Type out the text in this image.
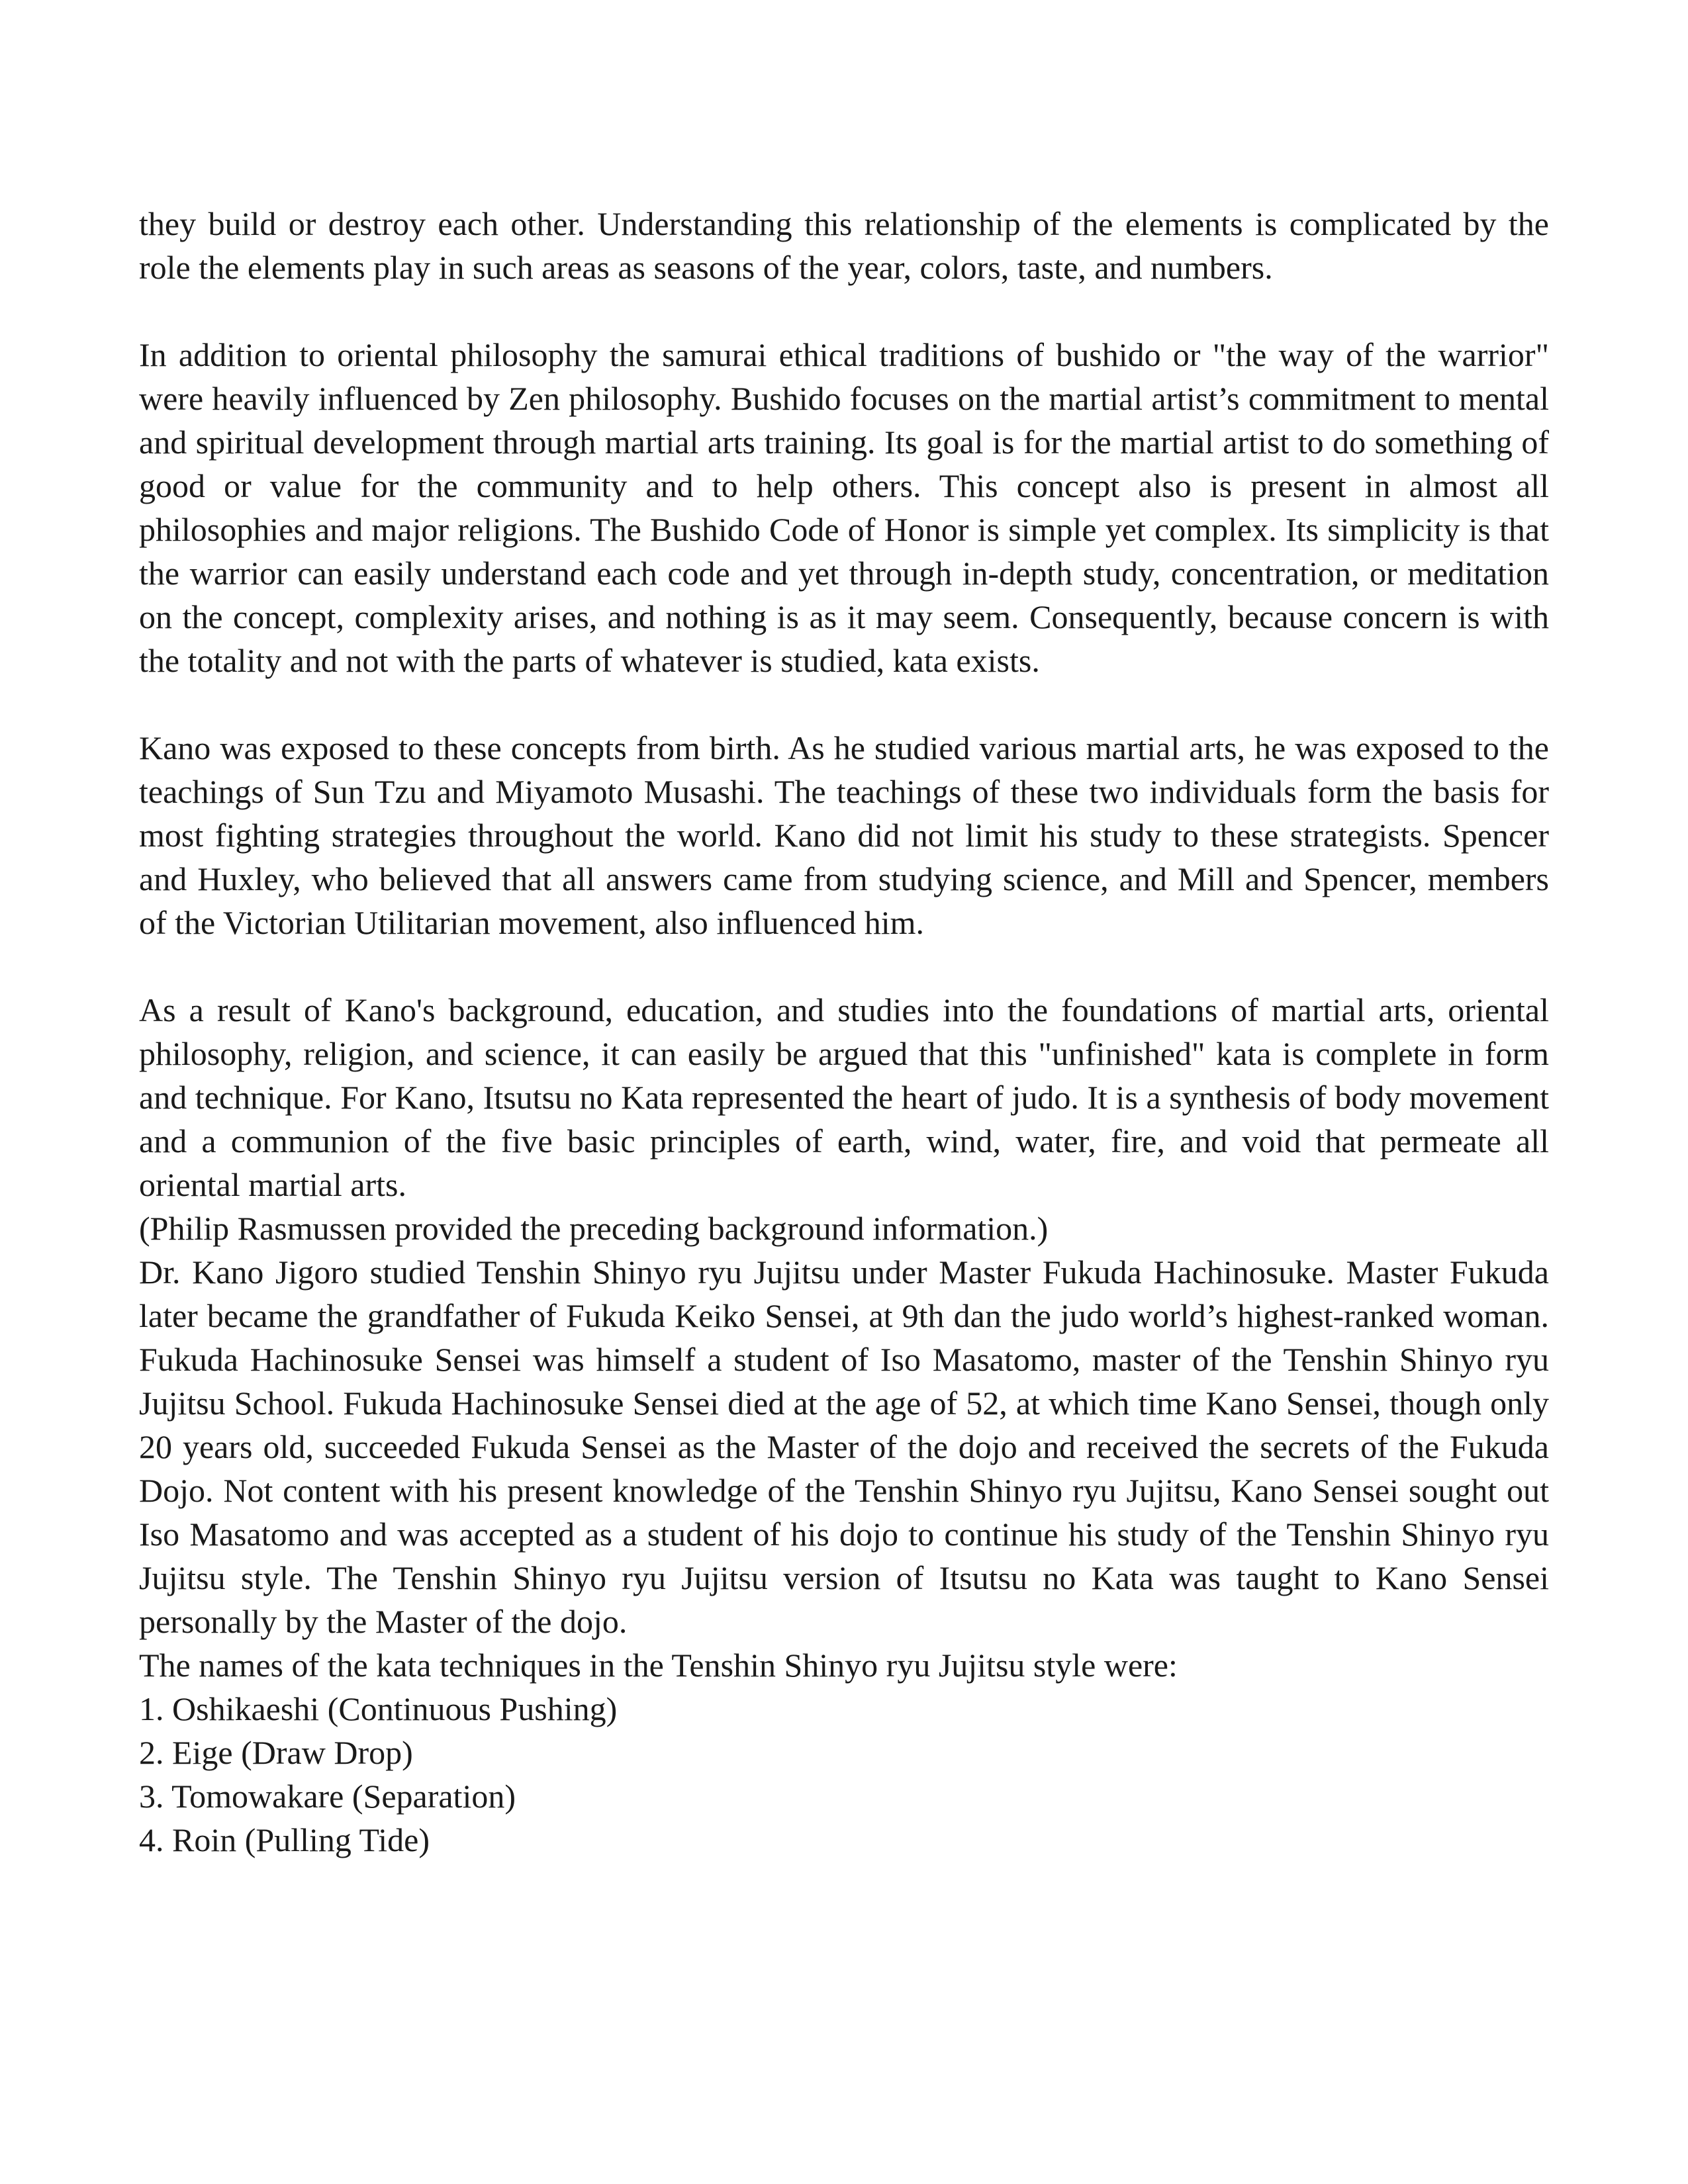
they build or destroy each other. Understanding this relationship of the elements is complicated by the role the elements play in such areas as seasons of the year, colors, taste, and numbers.

In addition to oriental philosophy the samurai ethical traditions of bushido or "the way of the warrior" were heavily influenced by Zen philosophy. Bushido focuses on the martial artist’s commitment to mental and spiritual development through martial arts training. Its goal is for the martial artist to do something of good or value for the community and to help others. This concept also is present in almost all philosophies and major religions. The Bushido Code of Honor is simple yet complex. Its simplicity is that the warrior can easily understand each code and yet through in-depth study, concentration, or meditation on the concept, complexity arises, and nothing is as it may seem. Consequently, because concern is with the totality and not with the parts of whatever is studied, kata exists.

Kano was exposed to these concepts from birth. As he studied various martial arts, he was exposed to the teachings of Sun Tzu and Miyamoto Musashi. The teachings of these two individuals form the basis for most fighting strategies throughout the world. Kano did not limit his study to these strategists. Spencer and Huxley, who believed that all answers came from studying science, and Mill and Spencer, members of the Victorian Utilitarian movement, also influenced him.

As a result of Kano's background, education, and studies into the foundations of martial arts, oriental philosophy, religion, and science, it can easily be argued that this "unfinished" kata is complete in form and technique. For Kano, Itsutsu no Kata represented the heart of judo. It is a synthesis of body movement and a communion of the five basic principles of earth, wind, water, fire, and void that permeate all oriental martial arts.

(Philip Rasmussen provided the preceding background information.)

Dr. Kano Jigoro studied Tenshin Shinyo ryu Jujitsu under Master Fukuda Hachinosuke. Master Fukuda later became the grandfather of Fukuda Keiko Sensei, at 9th dan the judo world’s highest-ranked woman. Fukuda Hachinosuke Sensei was himself a student of Iso Masatomo, master of the Tenshin Shinyo ryu Jujitsu School. Fukuda Hachinosuke Sensei died at the age of 52, at which time Kano Sensei, though only 20 years old, succeeded Fukuda Sensei as the Master of the dojo and received the secrets of the Fukuda Dojo. Not content with his present knowledge of the Tenshin Shinyo ryu Jujitsu, Kano Sensei sought out Iso Masatomo and was accepted as a student of his dojo to continue his study of the Tenshin Shinyo ryu Jujitsu style. The Tenshin Shinyo ryu Jujitsu version of Itsutsu no Kata was taught to Kano Sensei personally by the Master of the dojo.

The names of the kata techniques in the Tenshin Shinyo ryu Jujitsu style were:

1. Oshikaeshi (Continuous Pushing)
2. Eige (Draw Drop)
3. Tomowakare (Separation)
4. Roin (Pulling Tide)
